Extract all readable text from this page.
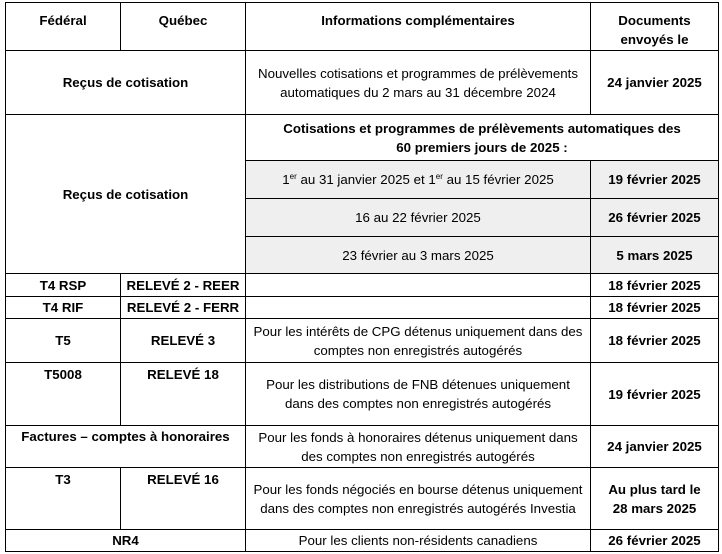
Fédéral	Québec	Informations complémentaires	Documents
envoyés le

Reçus de cotisation		Nouvelles cotisations et programmes de prélèvements automatiques du 2 mars au 31 décembre 2024	24 janvier 2025
Reçus de cotisation		Cotisations et programmes de prélèvements automatiques des 60 premiers jours de 2025 :	
		1er au 31 janvier 2025 et 1er au 15 février 2025	19 février 2025
		16 au 22 février 2025	26 février 2025
		23 février au 3 mars 2025	5 mars 2025
T4 RSP	RELEVÉ 2 - REER		18 février 2025
T4 RIF	RELEVÉ 2 - FERR		18 février 2025
T5	RELEVÉ 3	Pour les intérêts de CPG détenus uniquement dans des comptes non enregistrés autogérés	18 février 2025
T5008	RELEVÉ 18	Pour les distributions de FNB détenues uniquement dans des comptes non enregistrés autogérés	19 février 2025
Factures – comptes à honoraires		Pour les fonds à honoraires détenus uniquement dans des comptes non enregistrés autogérés	24 janvier 2025
T3	RELEVÉ 16	Pour les fonds négociés en bourse détenus uniquement dans des comptes non enregistrés autogérés Investia	Au plus tard le
28 mars 2025

NR4		Pour les clients non-résidents canadiens	26 février 2025
